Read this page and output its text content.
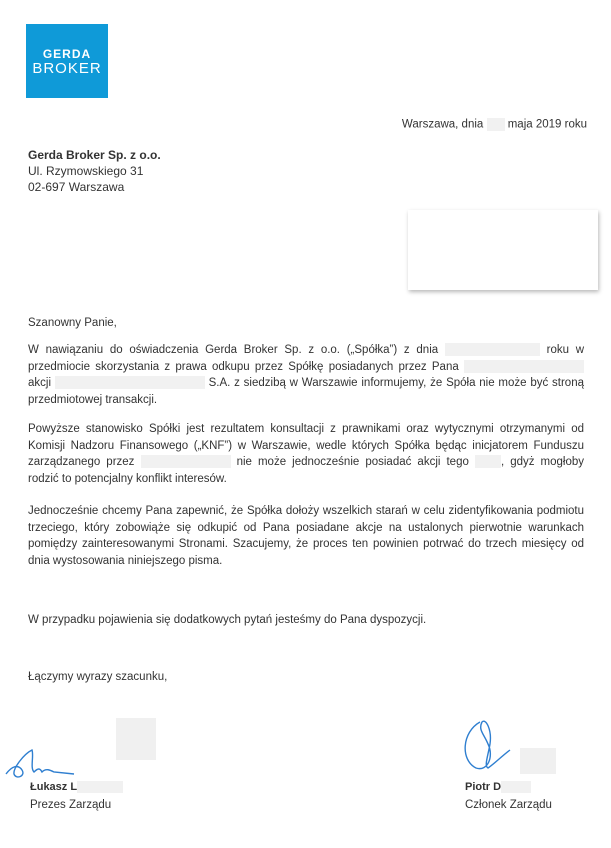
GERDA
BROKER
Warszawa, dnia maja 2019 roku
Gerda Broker Sp. z o.o.
Ul. Rzymowskiego 31
02-697 Warszawa
Szanowny Panie,
W nawiązaniu do oświadczenia Gerda Broker Sp. z o.o. („Spółka”) z dnia	roku w przedmiocie skorzystania z prawa odkupu przez Spółkę posiadanych przez Pana  akcji	S.A. z siedzibą w Warszawie informujemy, że Spóła nie może być stroną przedmiotowej transakcji.
Powyższe stanowisko Spółki jest rezultatem konsultacji z prawnikami oraz wytycznymi otrzymanymi od Komisji Nadzoru Finansowego („KNF”) w Warszawie, wedle których Spółka będąc inicjatorem Funduszu zarządzanego przez	nie może jednocześnie posiadać akcji tego	, gdyż mogłoby rodzić to potencjalny konflikt interesów.
Jednocześnie chcemy Pana zapewnić, że Spółka dołoży wszelkich starań w celu zidentyfikowania podmiotu trzeciego, który zobowiąże się odkupić od Pana posiadane akcje na ustalonych pierwotnie warunkach pomiędzy zainteresowanymi Stronami. Szacujemy, że proces ten powinien potrwać do trzech miesięcy od dnia wystosowania niniejszego pisma.
W przypadku pojawienia się dodatkowych pytań jesteśmy do Pana dyspozycji.
Łączymy wyrazy szacunku,
Łukasz L
Prezes Zarządu
Piotr D
Członek Zarządu
